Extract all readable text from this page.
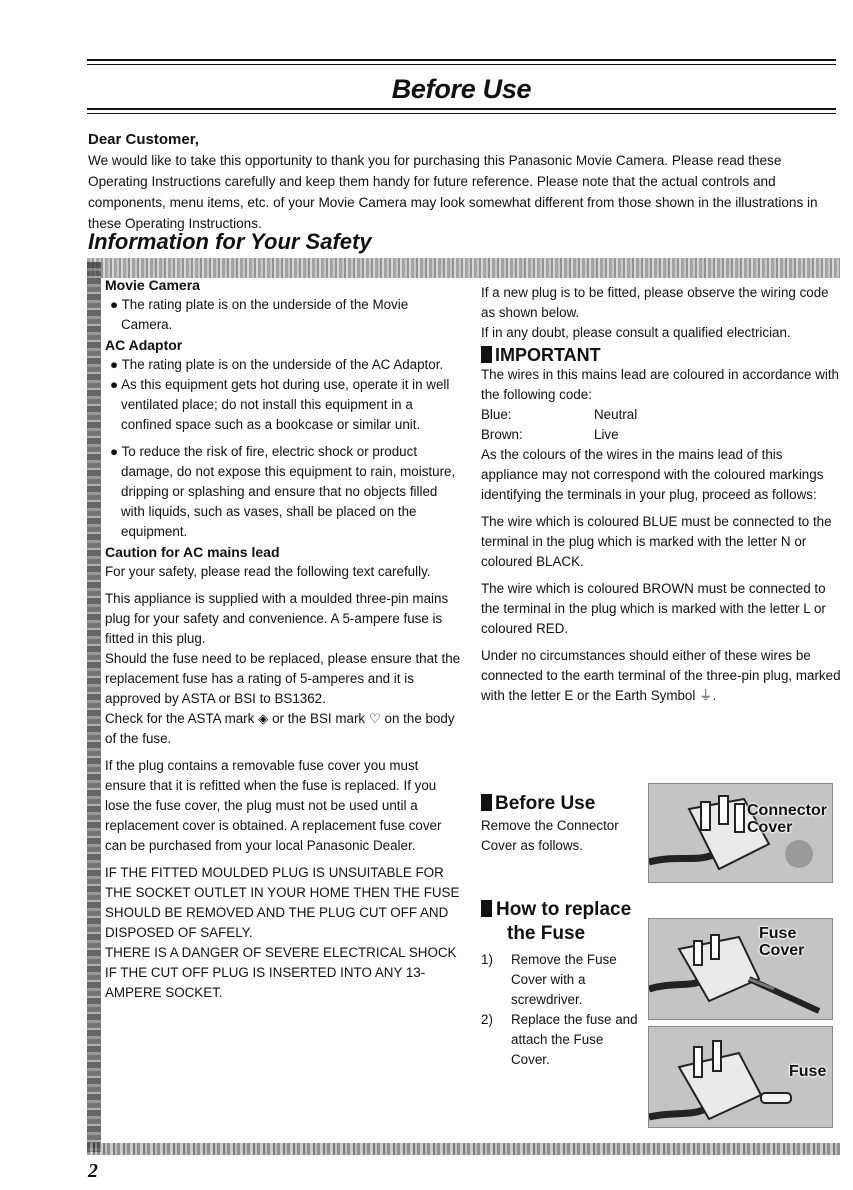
Before Use
Dear Customer,
We would like to take this opportunity to thank you for purchasing this Panasonic Movie Camera. Please read these Operating Instructions carefully and keep them handy for future reference. Please note that the actual controls and components, menu items, etc. of your Movie Camera may look somewhat different from those shown in the illustrations in these Operating Instructions.
Information for Your Safety

Movie Camera

● The rating plate is on the underside of the Movie Camera.

AC Adaptor

● The rating plate is on the underside of the AC Adaptor.

● As this equipment gets hot during use, operate it in well ventilated place; do not install this equipment in a confined space such as a bookcase or similar unit.

● To reduce the risk of fire, electric shock or product damage, do not expose this equipment to rain, moisture, dripping or splashing and ensure that no objects filled with liquids, such as vases, shall be placed on the equipment.

Caution for AC mains lead

For your safety, please read the following text carefully.

This appliance is supplied with a moulded three-pin mains plug for your safety and convenience. A 5-ampere fuse is fitted in this plug.

Should the fuse need to be replaced, please ensure that the replacement fuse has a rating of 5-amperes and it is approved by ASTA or BSI to BS1362.

Check for the ASTA mark ◈ or the BSI mark ♡ on the body of the fuse.

If the plug contains a removable fuse cover you must ensure that it is refitted when the fuse is replaced. If you lose the fuse cover, the plug must not be used until a replacement cover is obtained. A replacement fuse cover can be purchased from your local Panasonic Dealer.

IF THE FITTED MOULDED PLUG IS UNSUITABLE FOR THE SOCKET OUTLET IN YOUR HOME THEN THE FUSE SHOULD BE REMOVED AND THE PLUG CUT OFF AND DISPOSED OF SAFELY.

THERE IS A DANGER OF SEVERE ELECTRICAL SHOCK IF THE CUT OFF PLUG IS INSERTED INTO ANY 13-AMPERE SOCKET.

If a new plug is to be fitted, please observe the wiring code as shown below.

If in any doubt, please consult a qualified electrician.

IMPORTANT

The wires in this mains lead are coloured in accordance with the following code:

Blue:	Neutral

Brown:	Live

As the colours of the wires in the mains lead of this appliance may not correspond with the coloured markings identifying the terminals in your plug, proceed as follows:

The wire which is coloured BLUE must be connected to the terminal in the plug which is marked with the letter N or coloured BLACK.

The wire which is coloured BROWN must be connected to the terminal in the plug which is marked with the letter L or coloured RED.

Under no circumstances should either of these wires be connected to the earth terminal of the three-pin plug, marked with the letter E or the Earth Symbol ⏚.

Before Use

Remove the Connector Cover as follows.

How to replace the Fuse

1) Remove the Fuse Cover with a screwdriver.

2) Replace the fuse and attach the Fuse Cover.

Connector Cover
Fuse Cover
Fuse
2
